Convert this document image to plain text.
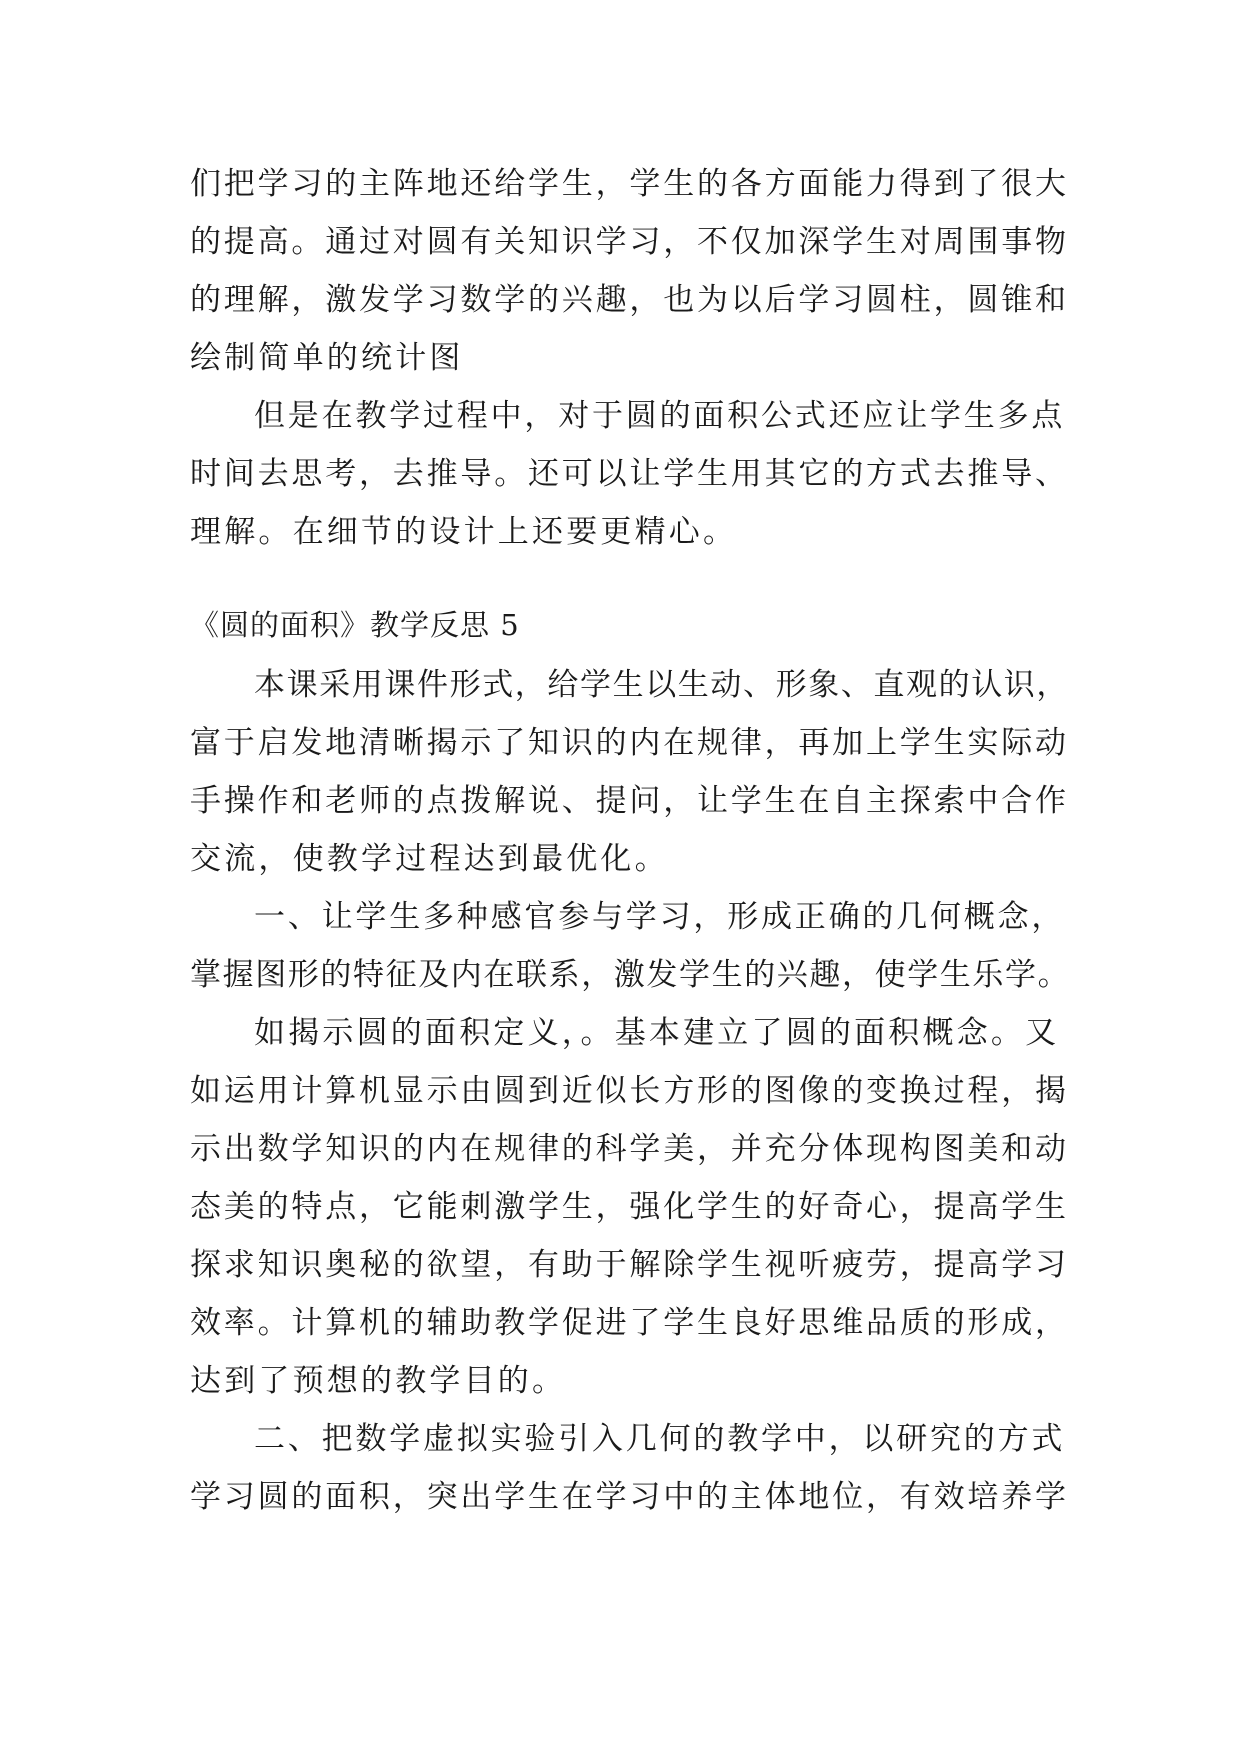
们把学习的主阵地还给学生，学生的各方面能力得到了很大
的提高。通过对圆有关知识学习，不仅加深学生对周围事物
的理解，激发学习数学的兴趣，也为以后学习圆柱，圆锥和
绘制简单的统计图
但是在教学过程中，对于圆的面积公式还应让学生多点
时间去思考，去推导。还可以让学生用其它的方式去推导、
理解。在细节的设计上还要更精心。
《圆的面积》教学反思 5
本课采用课件形式，给学生以生动、形象、直观的认识，
富于启发地清晰揭示了知识的内在规律，再加上学生实际动
手操作和老师的点拨解说、提问，让学生在自主探索中合作
交流，使教学过程达到最优化。
一、让学生多种感官参与学习，形成正确的几何概念，
掌握图形的特征及内在联系，激发学生的兴趣，使学生乐学。
如揭示圆的面积定义，。基本建立了圆的面积概念。又
如运用计算机显示由圆到近似长方形的图像的变换过程，揭
示出数学知识的内在规律的科学美，并充分体现构图美和动
态美的特点，它能刺激学生，强化学生的好奇心，提高学生
探求知识奥秘的欲望，有助于解除学生视听疲劳，提高学习
效率。计算机的辅助教学促进了学生良好思维品质的形成，
达到了预想的教学目的。
二、把数学虚拟实验引入几何的教学中，以研究的方式
学习圆的面积，突出学生在学习中的主体地位，有效培养学
